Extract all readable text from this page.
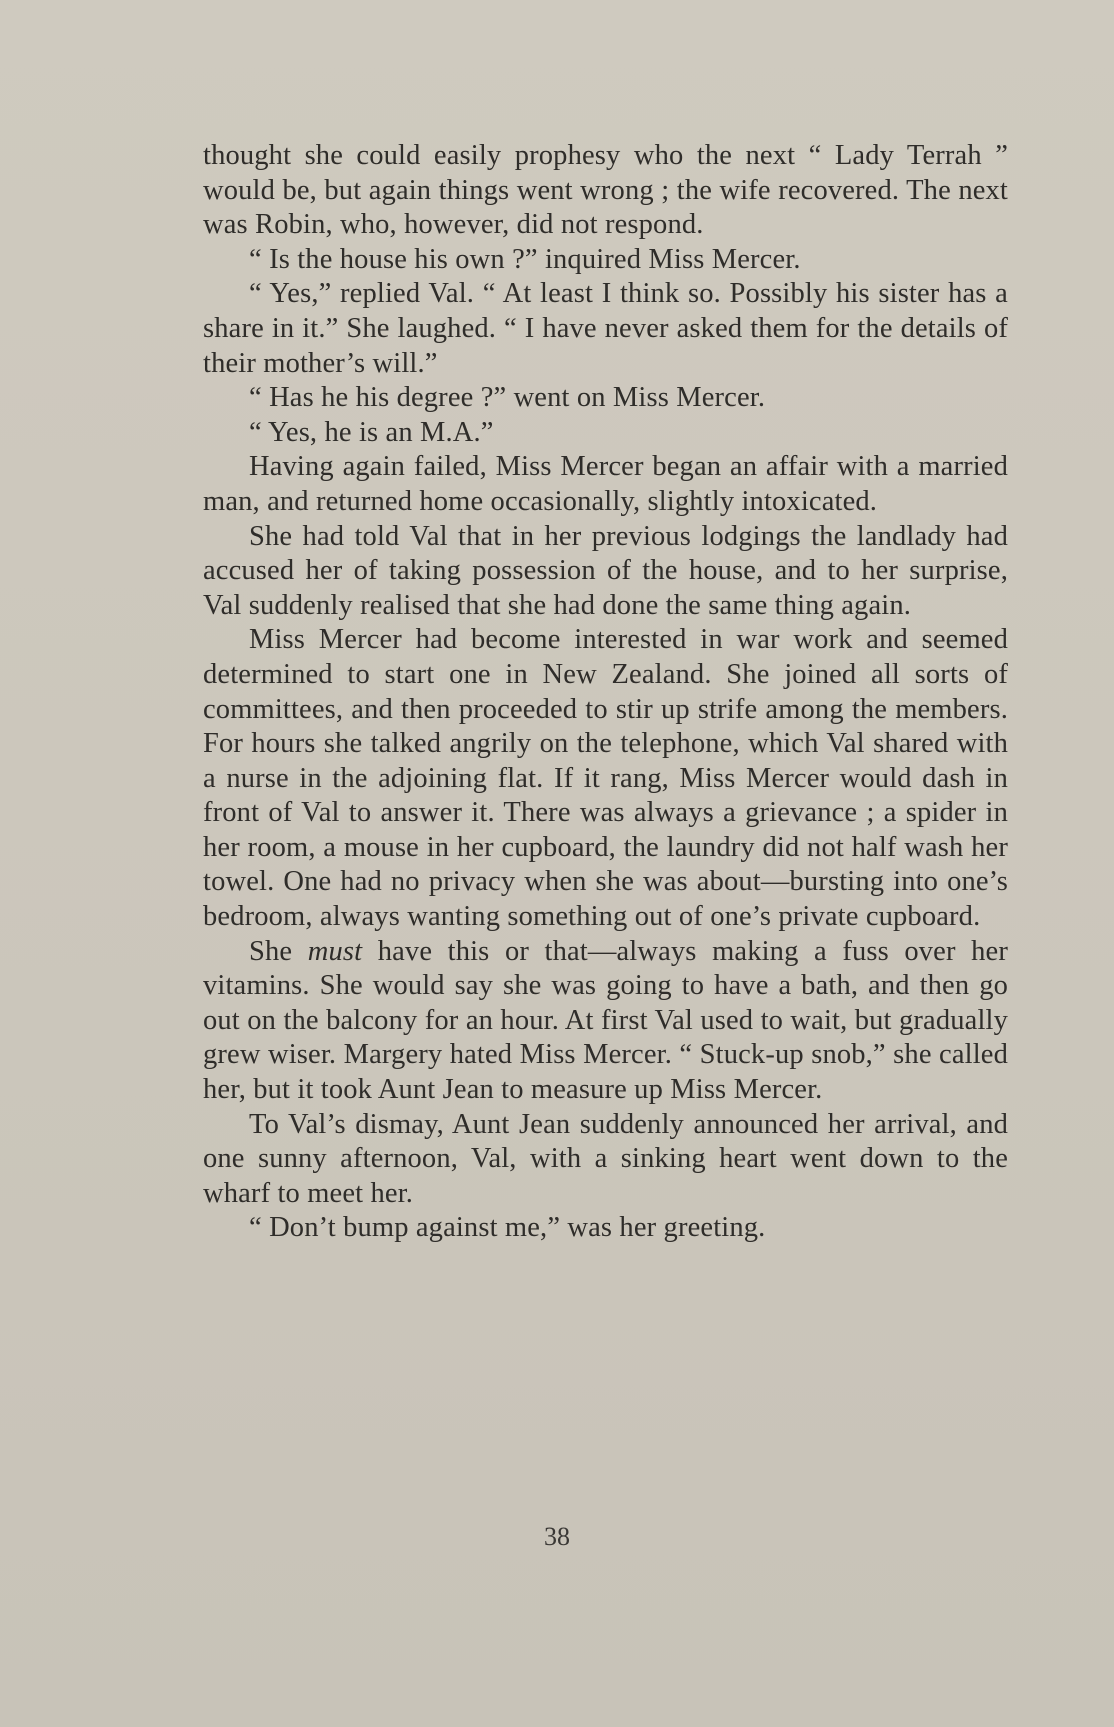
thought she could easily prophesy who the next “ Lady Terrah ” would be, but again things went wrong ; the wife recovered. The next was Robin, who, however, did not respond.

“ Is the house his own ?” inquired Miss Mercer.

“ Yes,” replied Val. “ At least I think so. Possibly his sister has a share in it.” She laughed. “ I have never asked them for the details of their mother’s will.”

“ Has he his degree ?” went on Miss Mercer.

“ Yes, he is an M.A.”

Having again failed, Miss Mercer began an affair with a married man, and returned home occasionally, slightly intoxicated.

She had told Val that in her previous lodgings the landlady had accused her of taking possession of the house, and to her surprise, Val suddenly realised that she had done the same thing again.

Miss Mercer had become interested in war work and seemed determined to start one in New Zealand. She joined all sorts of committees, and then proceeded to stir up strife among the members. For hours she talked angrily on the telephone, which Val shared with a nurse in the adjoining flat. If it rang, Miss Mercer would dash in front of Val to answer it. There was always a grievance ; a spider in her room, a mouse in her cupboard, the laundry did not half wash her towel. One had no privacy when she was about—bursting into one’s bedroom, always wanting something out of one’s private cupboard.

She must have this or that—always making a fuss over her vitamins. She would say she was going to have a bath, and then go out on the balcony for an hour. At first Val used to wait, but gradually grew wiser. Margery hated Miss Mercer. “ Stuck-up snob,” she called her, but it took Aunt Jean to measure up Miss Mercer.

To Val’s dismay, Aunt Jean suddenly announced her arrival, and one sunny afternoon, Val, with a sinking heart went down to the wharf to meet her.

“ Don’t bump against me,” was her greeting.

38
